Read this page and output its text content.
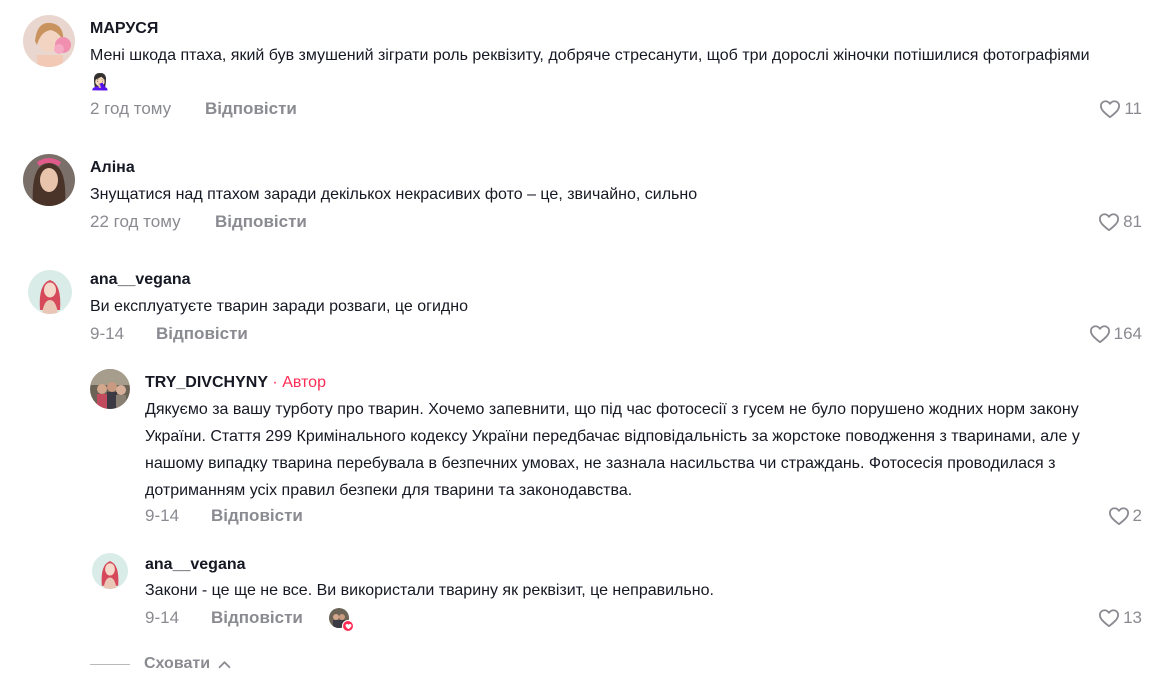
МАРУСЯ
Мені шкода птаха, який був змушений зіграти роль реквізиту, добряче стресанути, щоб три дорослі жіночки потішилися фотографіями 🤦🏻‍♀️
2 год тому Відповісти	11
Аліна
Знущатися над птахом заради декількох некрасивих фото – це, звичайно, сильно
22 год тому Відповісти	81
ana__vegana
Ви експлуатуєте тварин заради розваги, це огидно
9-14 Відповісти	164
TRY_DIVCHYNY · Автор
Дякуємо за вашу турботу про тварин. Хочемо запевнити, що під час фотосесії з гусем не було порушено жодних норм закону України. Стаття 299 Кримінального кодексу України передбачає відповідальність за жорстоке поводження з тваринами, але у нашому випадку тварина перебувала в безпечних умовах, не зазнала насильства чи страждань. Фотосесія проводилася з дотриманням усіх правил безпеки для тварини та законодавства.
9-14 Відповісти	2
ana__vegana
Закони - це ще не все. Ви використали тварину як реквізит, це неправильно.
9-14 Відповісти	13
Сховати
